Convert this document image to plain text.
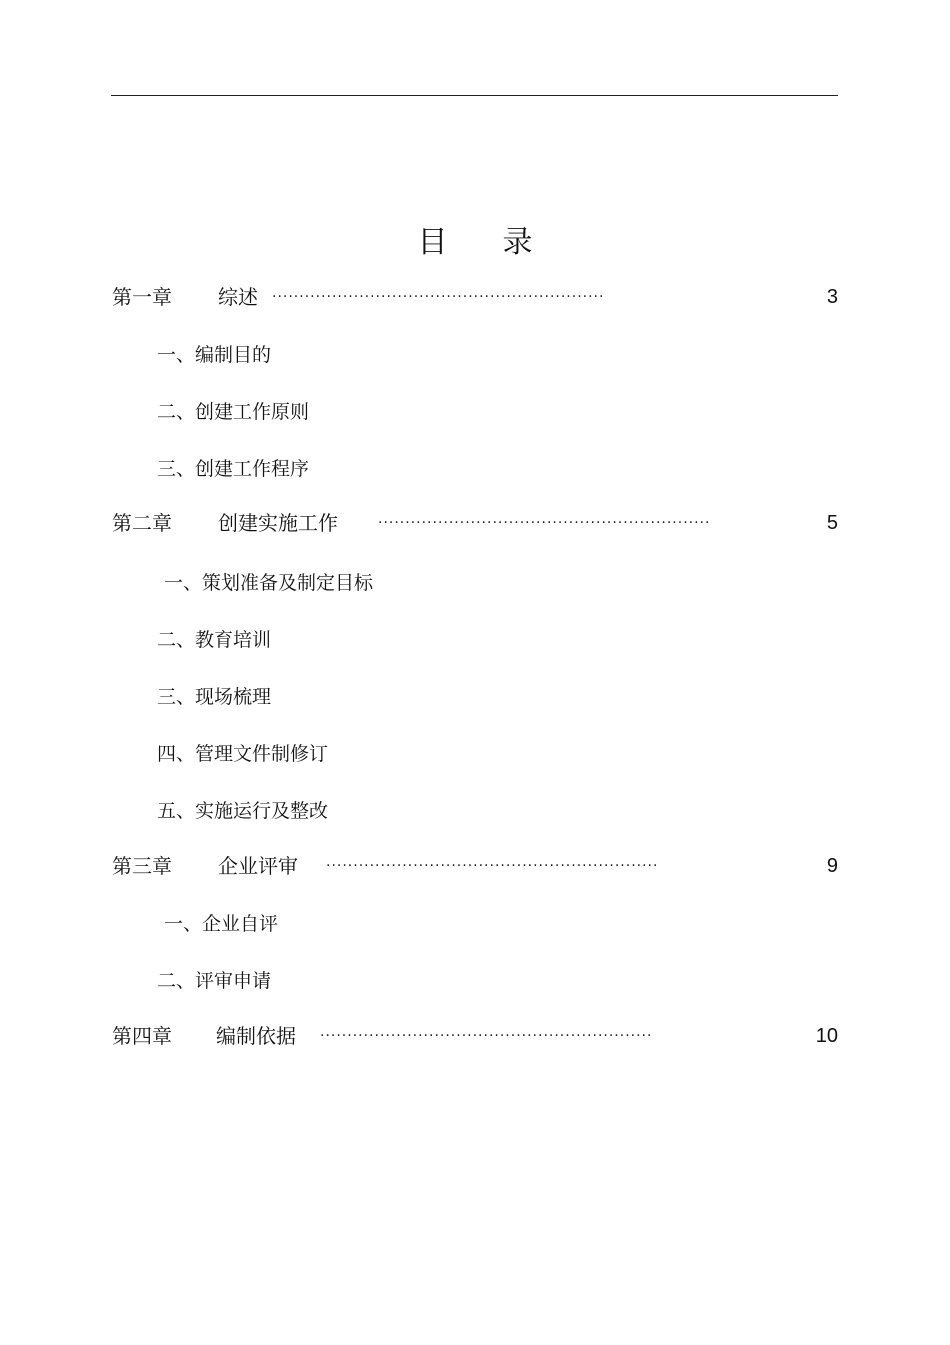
目 录
第一章 综述 ·····························································	3
一、编制目的
二、创建工作原则
三、创建工作程序
第二章 创建实施工作	·····························································	5
一、策划准备及制定目标
二、教育培训
三、现场梳理
四、管理文件制修订
五、实施运行及整改
第三章 企业评审 ·····························································	9
一、企业自评
二、评审申请
第四章 编制依据 ·····························································	10
